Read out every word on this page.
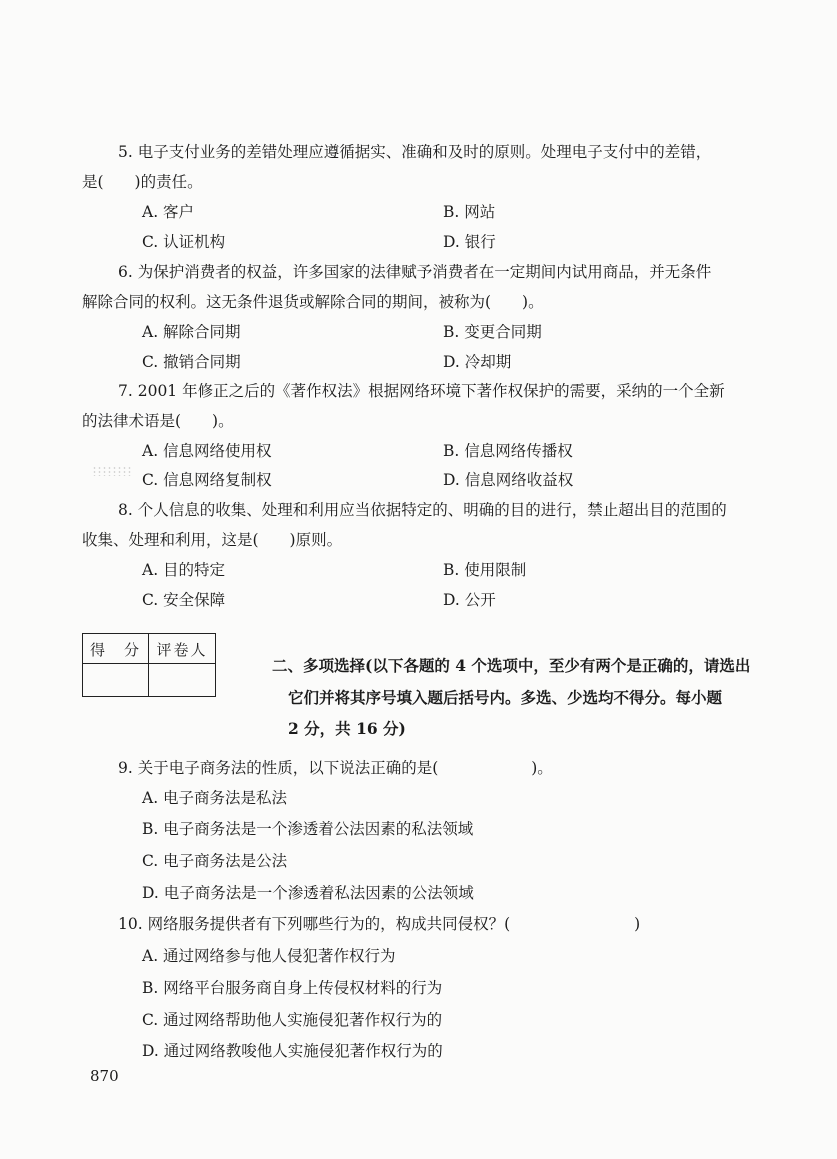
5. 电子支付业务的差错处理应遵循据实、准确和及时的原则。处理电子支付中的差错，
是(　　)的责任。
A. 客户	B. 网站
C. 认证机构	D. 银行
6. 为保护消费者的权益，许多国家的法律赋予消费者在一定期间内试用商品，并无条件
解除合同的权利。这无条件退货或解除合同的期间，被称为(　　)。
A. 解除合同期	B. 变更合同期
C. 撤销合同期	D. 冷却期
7. 2001 年修正之后的《著作权法》根据网络环境下著作权保护的需要，采纳的一个全新
的法律术语是(　　)。
A. 信息网络使用权	B. 信息网络传播权
C. 信息网络复制权	D. 信息网络收益权
8. 个人信息的收集、处理和利用应当依据特定的、明确的目的进行，禁止超出目的范围的
收集、处理和利用，这是(　　)原则。
A. 目的特定	B. 使用限制
C. 安全保障	D. 公开
得　分	评卷人
二、多项选择(以下各题的 4 个选项中，至少有两个是正确的，请选出
它们并将其序号填入题后括号内。多选、少选均不得分。每小题
2 分，共 16 分)
9. 关于电子商务法的性质，以下说法正确的是(　　　　　　)。
A. 电子商务法是私法
B. 电子商务法是一个渗透着公法因素的私法领域
C. 电子商务法是公法
D. 电子商务法是一个渗透着私法因素的公法领域
10. 网络服务提供者有下列哪些行为的，构成共同侵权？(　　　　　　　　)
A. 通过网络参与他人侵犯著作权行为
B. 网络平台服务商自身上传侵权材料的行为
C. 通过网络帮助他人实施侵犯著作权行为的
D. 通过网络教唆他人实施侵犯著作权行为的
870
